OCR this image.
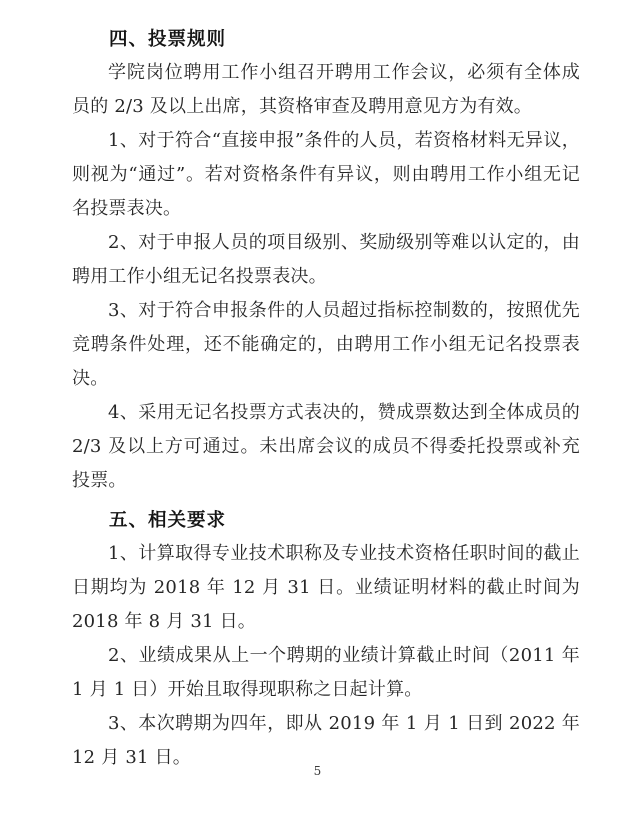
四、投票规则

学院岗位聘用工作小组召开聘用工作会议，必须有全体成员的 2/3 及以上出席，其资格审查及聘用意见方为有效。

1、对于符合“直接申报”条件的人员，若资格材料无异议，则视为“通过”。若对资格条件有异议，则由聘用工作小组无记名投票表决。

2、对于申报人员的项目级别、奖励级别等难以认定的，由聘用工作小组无记名投票表决。

3、对于符合申报条件的人员超过指标控制数的，按照优先竞聘条件处理，还不能确定的，由聘用工作小组无记名投票表决。

4、采用无记名投票方式表决的，赞成票数达到全体成员的 2/3 及以上方可通过。未出席会议的成员不得委托投票或补充投票。

五、相关要求

1、计算取得专业技术职称及专业技术资格任职时间的截止日期均为 2018 年 12 月 31 日。业绩证明材料的截止时间为 2018 年 8 月 31 日。

2、业绩成果从上一个聘期的业绩计算截止时间（2011 年 1 月 1 日）开始且取得现职称之日起计算。

3、本次聘期为四年，即从 2019 年 1 月 1 日到 2022 年 12 月 31 日。

5
